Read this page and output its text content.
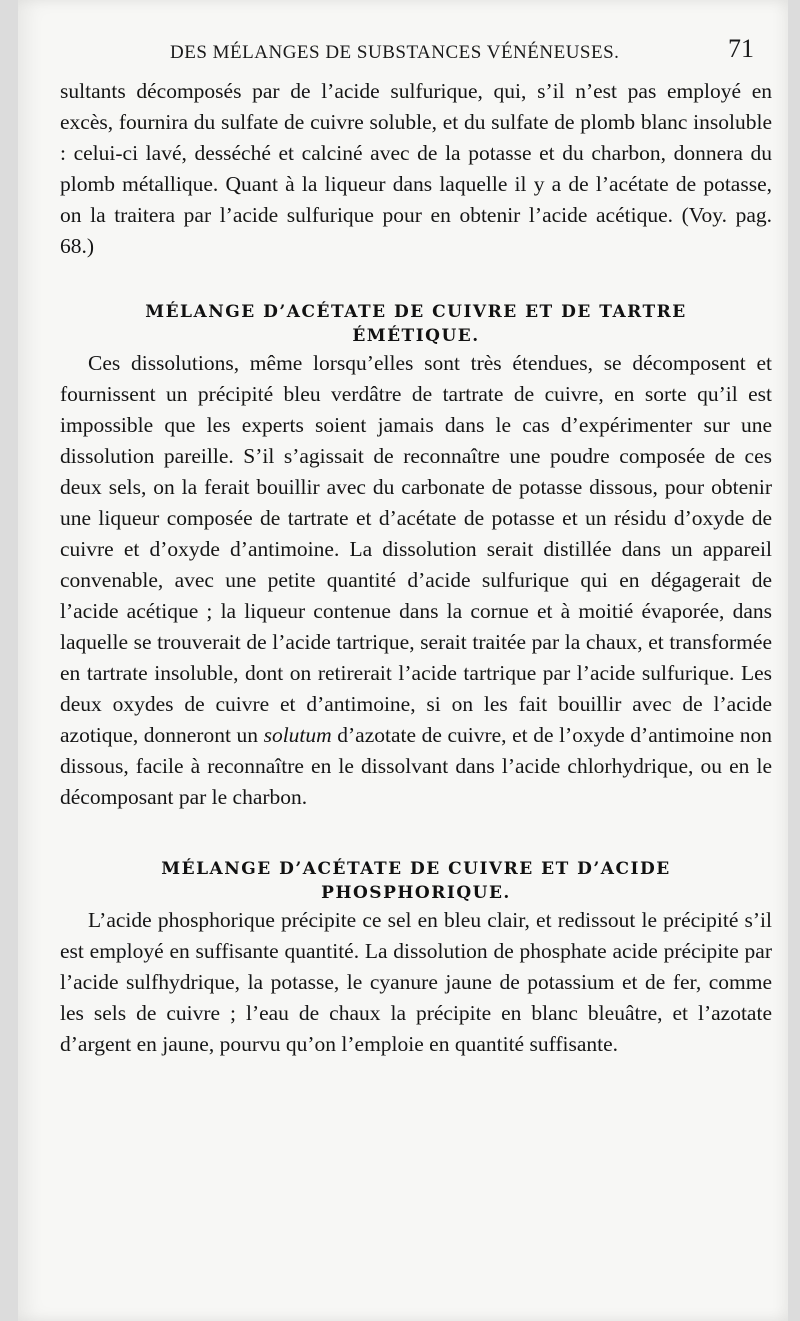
DES MÉLANGES DE SUBSTANCES VÉNÉNEUSES.	71

sultants décomposés par de l’acide sulfurique, qui, s’il n’est pas employé en excès, fournira du sulfate de cuivre soluble, et du sulfate de plomb blanc insoluble : celui-ci lavé, desséché et calciné avec de la potasse et du charbon, donnera du plomb métallique. Quant à la liqueur dans laquelle il y a de l’acétate de potasse, on la traitera par l’acide sulfurique pour en obtenir l’acide acétique. (Voy. pag. 68.)

MÉLANGE D’ACÉTATE DE CUIVRE ET DE TARTRE
ÉMÉTIQUE.

Ces dissolutions, même lorsqu’elles sont très étendues, se décomposent et fournissent un précipité bleu verdâtre de tartrate de cuivre, en sorte qu’il est impossible que les experts soient jamais dans le cas d’expérimenter sur une dissolution pareille. S’il s’agissait de reconnaître une poudre composée de ces deux sels, on la ferait bouillir avec du carbonate de potasse dissous, pour obtenir une liqueur composée de tartrate et d’acétate de potasse et un résidu d’oxyde de cuivre et d’oxyde d’antimoine. La dissolution serait distillée dans un appareil convenable, avec une petite quantité d’acide sulfurique qui en dégagerait de l’acide acétique ; la liqueur contenue dans la cornue et à moitié évaporée, dans laquelle se trouverait de l’acide tartrique, serait traitée par la chaux, et transformée en tartrate insoluble, dont on retirerait l’acide tartrique par l’acide sulfurique. Les deux oxydes de cuivre et d’antimoine, si on les fait bouillir avec de l’acide azotique, donneront un solutum d’azotate de cuivre, et de l’oxyde d’antimoine non dissous, facile à reconnaître en le dissolvant dans l’acide chlorhydrique, ou en le décomposant par le charbon.

MÉLANGE D’ACÉTATE DE CUIVRE ET D’ACIDE
PHOSPHORIQUE.

L’acide phosphorique précipite ce sel en bleu clair, et redissout le précipité s’il est employé en suffisante quantité. La dissolution de phosphate acide précipite par l’acide sulfhydrique, la potasse, le cyanure jaune de potassium et de fer, comme les sels de cuivre ; l’eau de chaux la précipite en blanc bleuâtre, et l’azotate d’argent en jaune, pourvu qu’on l’emploie en quantité suffisante.
